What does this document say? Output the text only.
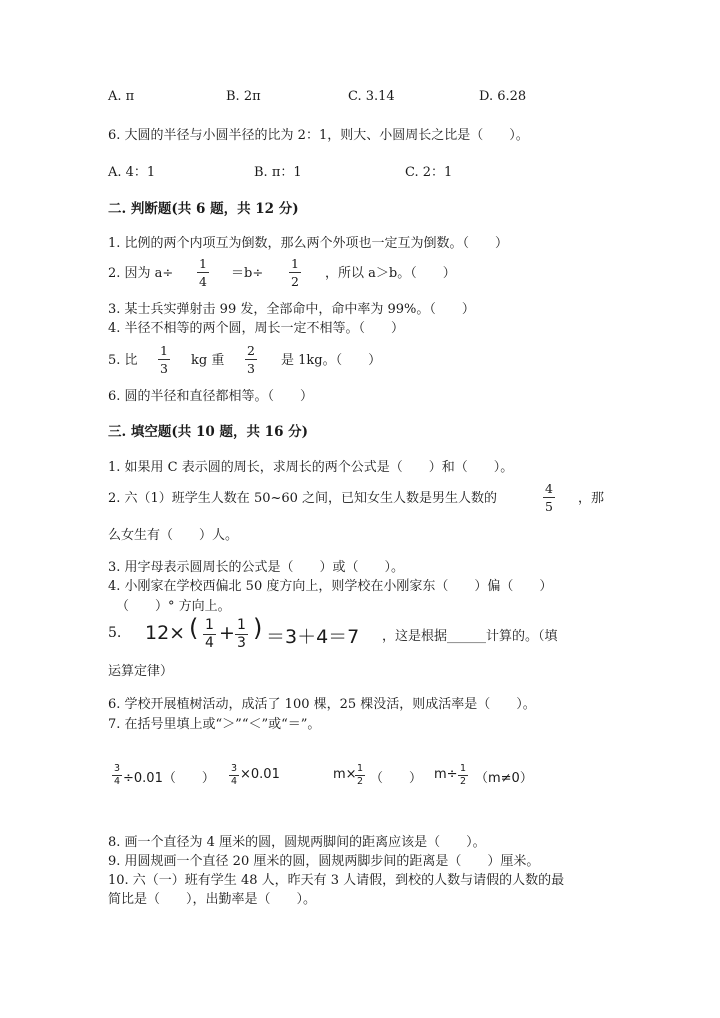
A. π	B. 2π	C. 3.14	D. 6.28
6. 大圆的半径与小圆半径的比为 2：1，则大、小圆周长之比是（　　）。
A. 4：1	B. π：1	C. 2：1
二. 判断题(共 6 题，共 12 分)
1. 比例的两个内项互为倒数，那么两个外项也一定互为倒数。（　　）
2. 因为 a÷
1
4
＝b÷
1
2
，所以 a＞b。（　　）
3. 某士兵实弹射击 99 发，全部命中，命中率为 99%。（　　）
4. 半径不相等的两个圆，周长一定不相等。（　　）
5. 比
1
3
kg 重
2
3
是 1kg。（　　）
6. 圆的半径和直径都相等。（　　）
三. 填空题(共 10 题，共 16 分)
1. 如果用 C 表示圆的周长，求周长的两个公式是（　　）和（　　）。
2. 六（1）班学生人数在 50~60 之间，已知女生人数是男生人数的
4
5
，那
么女生有（　　）人。
3. 用字母表示圆周长的公式是（　　）或（　　）。
4. 小刚家在学校西偏北 50 度方向上，则学校在小刚家东（　　）偏（　　）
（　　）° 方向上。
5. 12× ( 1
4 + 1
3
) ＝3＋4＝7 ，这是根据______计算的。（填
运算定律）
6. 学校开展植树活动，成活了 100 棵，25 棵没活，则成活率是（　　）。
7. 在括号里填上或“＞”“＜”或“＝”。
3
4 ÷0.01（　　）
3
4 ×0.01	m× 1
2 （　　） m÷ 1
2 （m≠0）
8. 画一个直径为 4 厘米的圆，圆规两脚间的距离应该是（　　）。
9. 用圆规画一个直径 20 厘米的圆，圆规两脚步间的距离是（　　）厘米。
10. 六（一）班有学生 48 人，昨天有 3 人请假，到校的人数与请假的人数的最
简比是（　　），出勤率是（　　）。
